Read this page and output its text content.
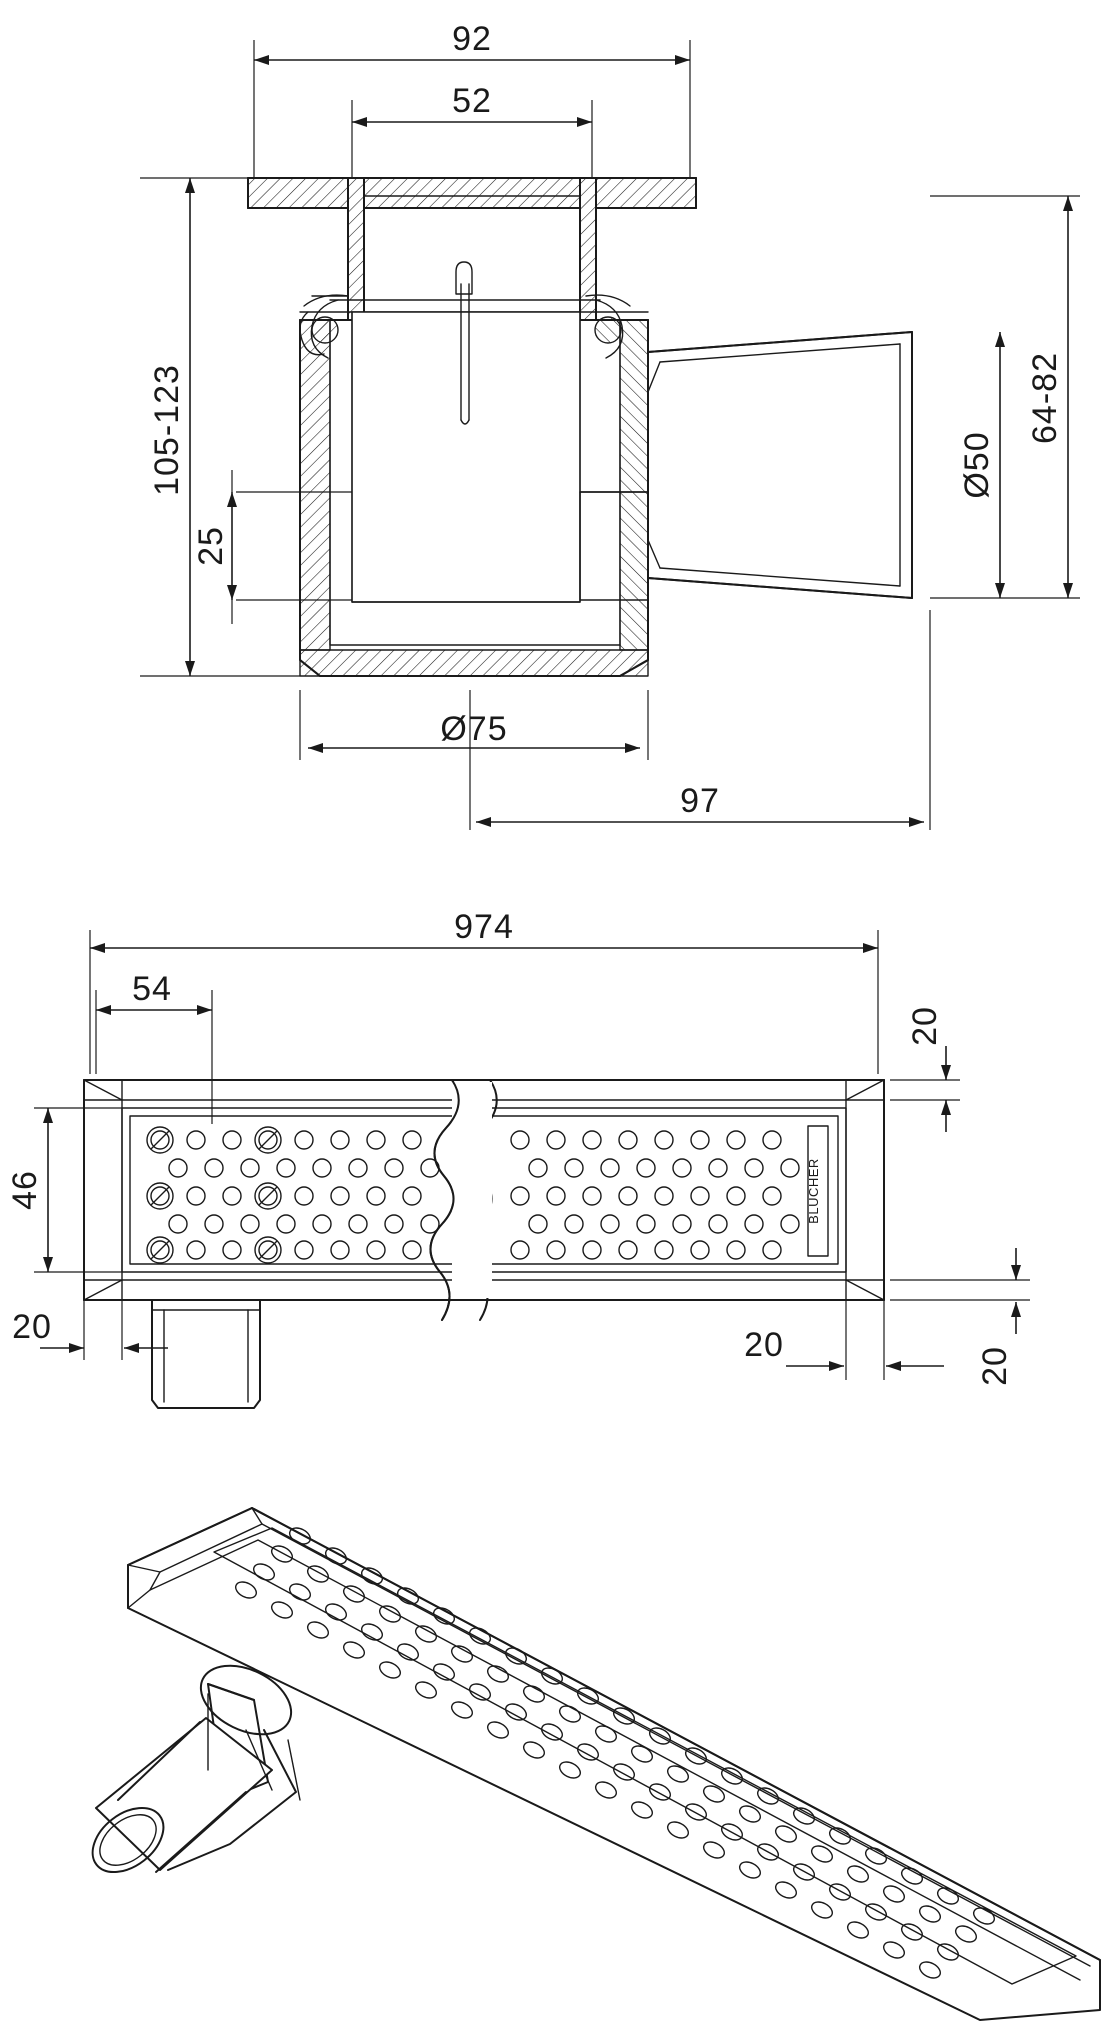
92
52
105-123
25
64-82
Ø50
Ø75
97
BLUCHER
974
54
46
20
20	20
20
